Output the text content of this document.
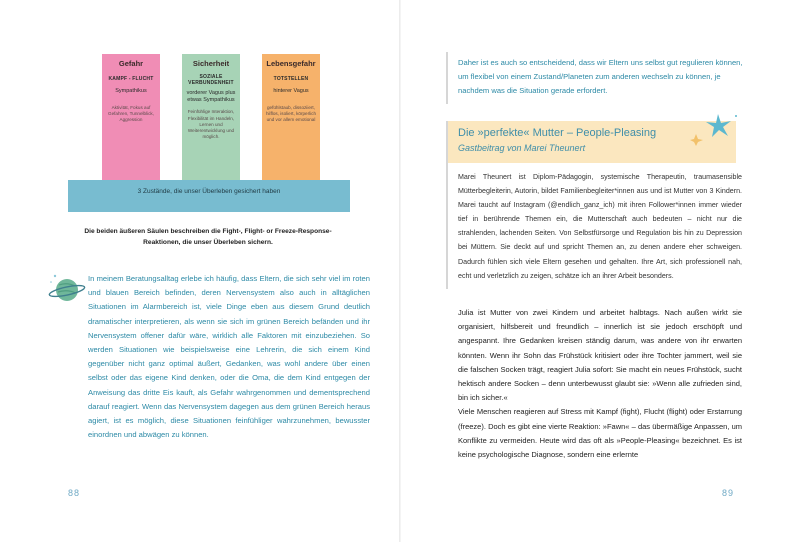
Gefahr
KAMPF - FLUCHT
Sympathikus
Aktivität, Fokus auf Gefahren, Tunnelblick, Aggression
Sicherheit
SOZIALE VERBUNDENHEIT
vorderer Vagus plus etwas Sympathikus
Feinfühlige Interaktion, Flexibilität im Handeln, Lernen und Weiterentwicklung und möglich.
Lebensgefahr
TOTSTELLEN
hinterer Vagus
gefühlstaub, dissoziiert, hilflos, isoliert, körperlich und vor allem emotional
3 Zustände, die unser Überleben gesichert haben
Die beiden äußeren Säulen beschreiben die Fight-, Flight- or Freeze-Response-Reaktionen, die unser Überleben sichern.
In meinem Beratungsalltag erlebe ich häufig, dass Eltern, die sich sehr viel im roten und blauen Bereich befinden, deren Nervensystem also auch in alltäglichen Situationen im Alarmbereich ist, viele Dinge eben aus diesem Grund deutlich dramatischer interpretieren, als wenn sie sich im grünen Bereich befänden und ihr Nervensystem offener dafür wäre, wirklich alle Faktoren mit einzubeziehen. So werden Situationen wie beispielsweise eine Lehrerin, die sich einem Kind gegenüber nicht ganz optimal äußert, Gedanken, was wohl andere über einen selbst oder das eigene Kind denken, oder die Oma, die dem Kind entgegen der Anweisung das dritte Eis kauft, als Gefahr wahrgenommen und dementsprechend darauf reagiert. Wenn das Nervensystem dagegen aus dem grünen Bereich heraus agiert, ist es möglich, diese Situationen feinfühliger wahrzunehmen, bewusster einordnen und abwägen zu können.
88
Daher ist es auch so entscheidend, dass wir Eltern uns selbst gut regulieren können, um flexibel von einem Zustand/Planeten zum anderen wechseln zu können, je nachdem was die Situation gerade erfordert.
Die »perfekte« Mutter – People-Pleasing
Gastbeitrag von Marei Theunert
Marei Theunert ist Diplom-Pädagogin, systemische Therapeutin, traumasensible Mütterbegleiterin, Autorin, bildet Familienbegleiter*innen aus und ist Mutter von 3 Kindern. Marei taucht auf Instagram (@endlich_ganz_ich) mit ihren Follower*innen immer wieder tief in berührende Themen ein, die Mutterschaft auch bedeuten – nicht nur die strahlenden, lachenden Seiten. Von Selbstfürsorge und Regulation bis hin zu Depression bei Müttern. Sie deckt auf und spricht Themen an, zu denen andere eher schweigen. Dadurch fühlen sich viele Eltern gesehen und gehalten. Ihre Art, sich professionell nah, echt und verletzlich zu zeigen, schätze ich an ihrer Arbeit besonders.
Julia ist Mutter von zwei Kindern und arbeitet halbtags. Nach außen wirkt sie organisiert, hilfsbereit und freundlich – innerlich ist sie jedoch erschöpft und angespannt. Ihre Gedanken kreisen ständig darum, was andere von ihr erwarten könnten. Wenn ihr Sohn das Frühstück kritisiert oder ihre Tochter jammert, weil sie die falschen Socken trägt, reagiert Julia sofort: Sie macht ein neues Frühstück, sucht hektisch andere Socken – denn unterbewusst glaubt sie: »Wenn alle zufrieden sind, bin ich sicher.«
Viele Menschen reagieren auf Stress mit Kampf (fight), Flucht (flight) oder Erstarrung (freeze). Doch es gibt eine vierte Reaktion: »Fawn« – das übermäßige Anpassen, um Konflikte zu vermeiden. Heute wird das oft als »People-Pleasing« bezeichnet. Es ist keine psychologische Diagnose, sondern eine erlernte
89
